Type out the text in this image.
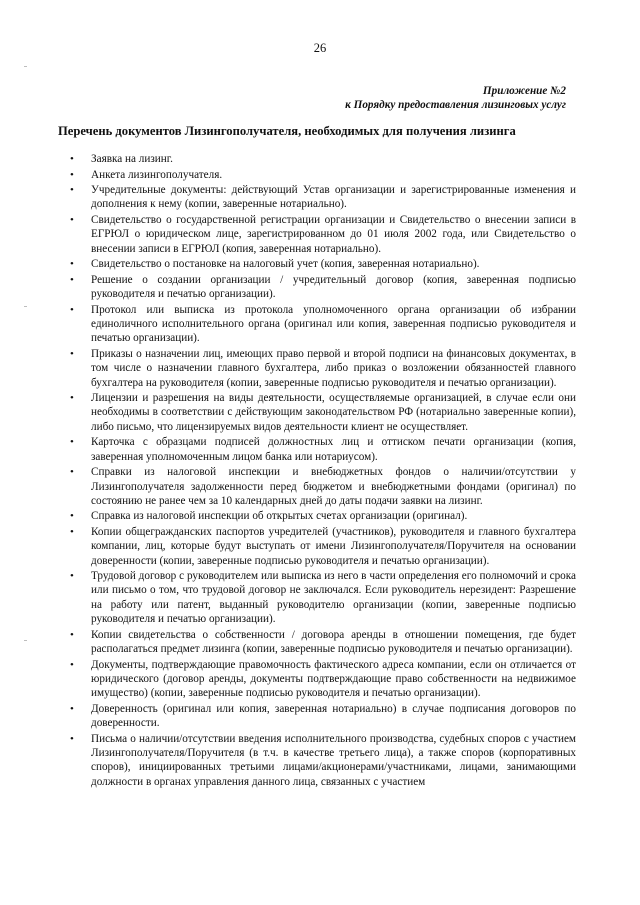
26
Приложение №2
к Порядку предоставления лизинговых услуг
Перечень документов Лизингополучателя, необходимых для получения лизинга
• Заявка на лизинг.
• Анкета лизингополучателя.
• Учредительные документы: действующий Устав организации и зарегистрированные изменения и дополнения к нему (копии, заверенные нотариально).
• Свидетельство о государственной регистрации организации и Свидетельство о внесении записи в ЕГРЮЛ о юридическом лице, зарегистрированном до 01 июля 2002 года, или Свидетельство о внесении записи в ЕГРЮЛ (копия, заверенная нотариально).
• Свидетельство о постановке на налоговый учет (копия, заверенная нотариально).
• Решение о создании организации / учредительный договор (копия, заверенная подписью руководителя и печатью организации).
• Протокол или выписка из протокола уполномоченного органа организации об избрании единоличного исполнительного органа (оригинал или копия, заверенная подписью руководителя и печатью организации).
• Приказы о назначении лиц, имеющих право первой и второй подписи на финансовых документах, в том числе о назначении главного бухгалтера, либо приказ о возложении обязанностей главного бухгалтера на руководителя (копии, заверенные подписью руководителя и печатью организации).
• Лицензии и разрешения на виды деятельности, осуществляемые организацией, в случае если они необходимы в соответствии с действующим законодательством РФ (нотариально заверенные копии), либо письмо, что лицензируемых видов деятельности клиент не осуществляет.
• Карточка с образцами подписей должностных лиц и оттиском печати организации (копия, заверенная уполномоченным лицом банка или нотариусом).
• Справки из налоговой инспекции и внебюджетных фондов о наличии/отсутствии у Лизингополучателя задолженности перед бюджетом и внебюджетными фондами (оригинал) по состоянию не ранее чем за 10 календарных дней до даты подачи заявки на лизинг.
• Справка из налоговой инспекции об открытых счетах организации (оригинал).
• Копии общегражданских паспортов учредителей (участников), руководителя и главного бухгалтера компании, лиц, которые будут выступать от имени Лизингополучателя/Поручителя на основании доверенности (копии, заверенные подписью руководителя и печатью организации).
• Трудовой договор с руководителем или выписка из него в части определения его полномочий и срока или письмо о том, что трудовой договор не заключался. Если руководитель нерезидент: Разрешение на работу или патент, выданный руководителю организации (копии, заверенные подписью руководителя и печатью организации).
• Копии свидетельства о собственности / договора аренды в отношении помещения, где будет располагаться предмет лизинга (копии, заверенные подписью руководителя и печатью организации).
• Документы, подтверждающие правомочность фактического адреса компании, если он отличается от юридического (договор аренды, документы подтверждающие право собственности на недвижимое имущество) (копии, заверенные подписью руководителя и печатью организации).
• Доверенность (оригинал или копия, заверенная нотариально) в случае подписания договоров по доверенности.
• Письма о наличии/отсутствии введения исполнительного производства, судебных споров с участием Лизингополучателя/Поручителя (в т.ч. в качестве третьего лица), а также споров (корпоративных споров), инициированных третьими лицами/акционерами/участниками, лицами, занимающими должности в органах управления данного лица, связанных с участием
